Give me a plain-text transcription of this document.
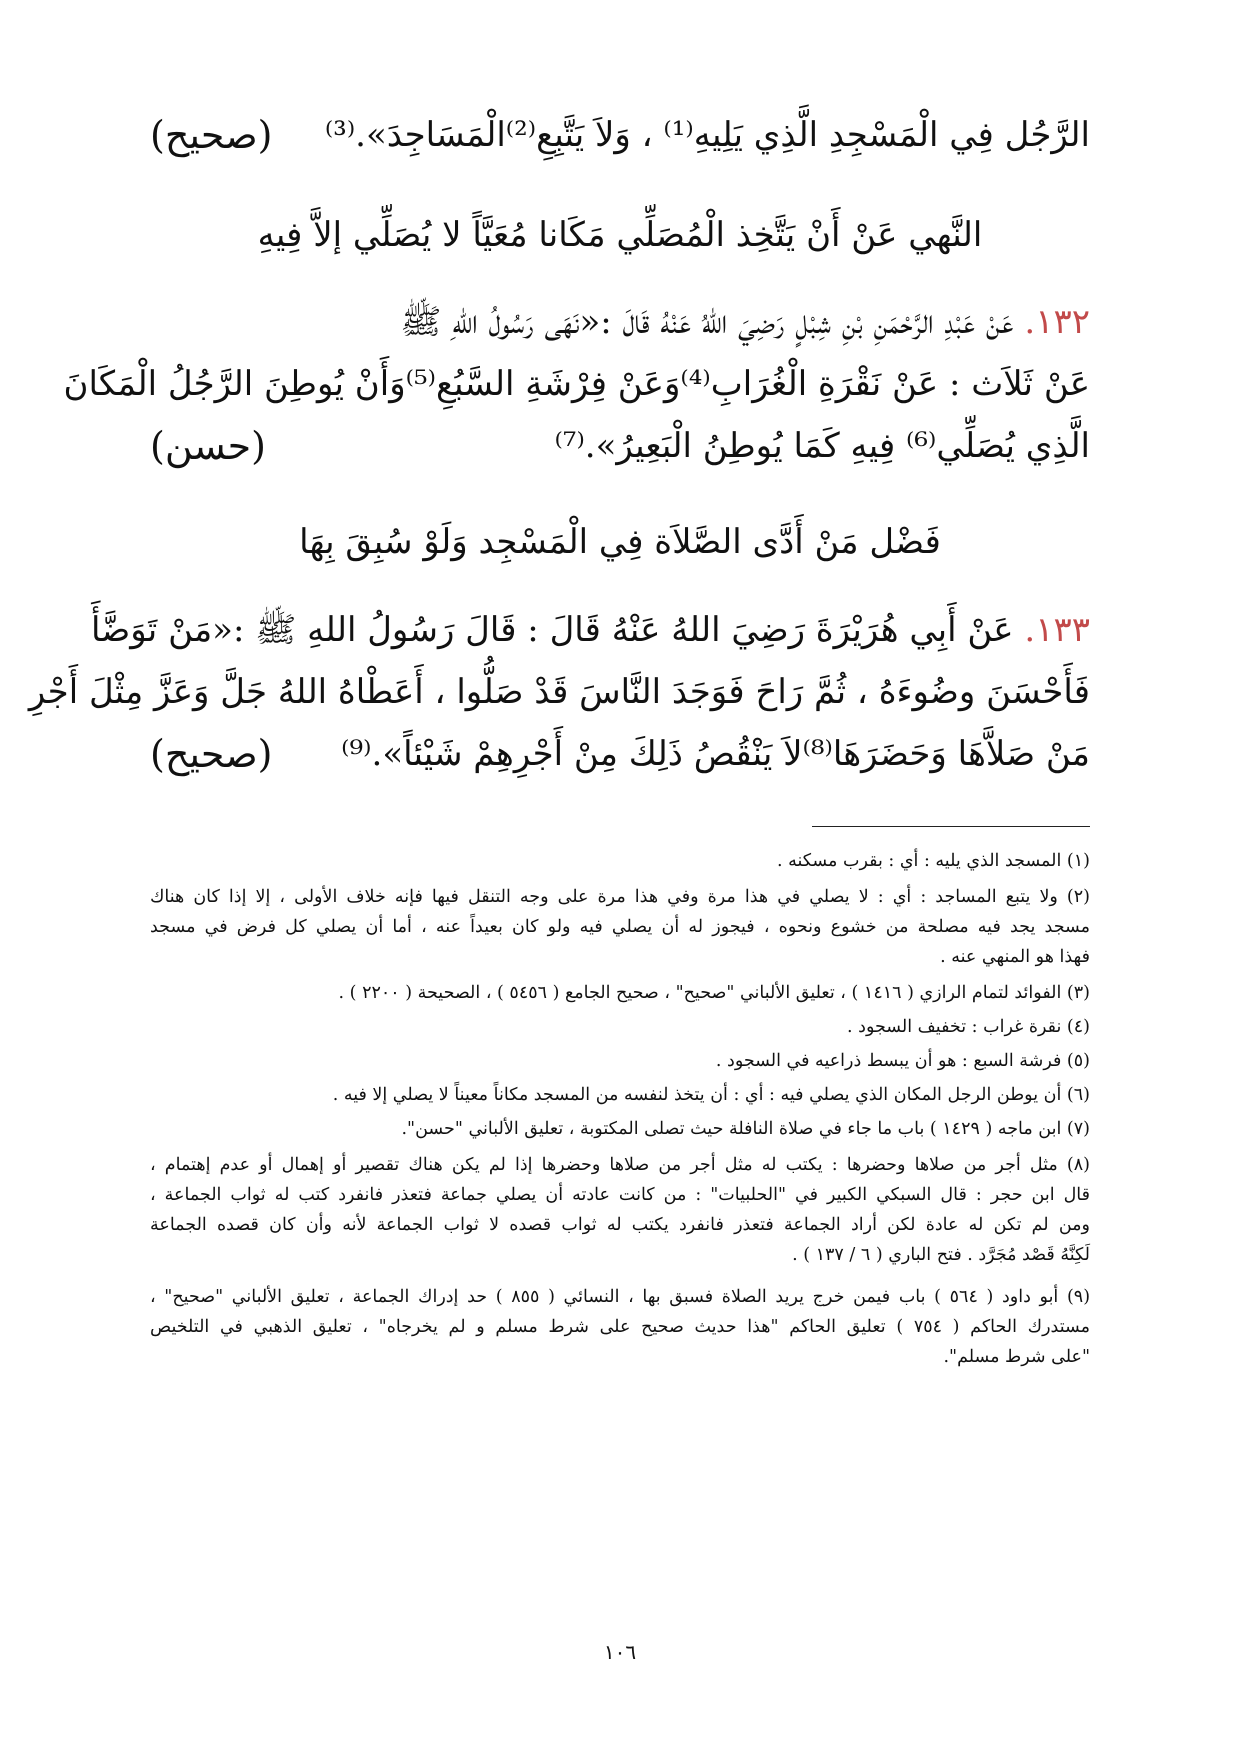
(صحيح) الرَّجُل فِي الْمَسْجِدِ الَّذِي يَلِيهِ⁽¹⁾ ، وَلاَ يَتَّبِعِ⁽²⁾الْمَسَاجِدَ».⁽³⁾
النَّهي عَنْ أَنْ يَتَّخِذ الْمُصَلِّي مَكَانا مُعَيَّاً لا يُصَلِّي إلاَّ فِيهِ
١٣٢. عَنْ عَبْدِ الرَّحْمَنِ بْنِ شِبْلٍ رَضِيَ اللهُ عَنْهُ قَالَ :«نَهَى رَسُولُ اللهِ ﷺ
عَنْ ثَلاَث : عَنْ نَقْرَةِ الْغُرَابِ⁽⁴⁾وَعَنْ فِرْشَةِ السَّبُعِ⁽⁵⁾وَأَنْ يُوطِنَ الرَّجُلُ الْمَكَانَ
(حسن)	الَّذِي يُصَلِّي⁽⁶⁾ فِيهِ كَمَا يُوطِنُ الْبَعِيرُ».⁽⁷⁾
فَضْل مَنْ أَدَّى الصَّلاَة فِي الْمَسْجِد وَلَوْ سُبِقَ بِهَا
١٣٣. عَنْ أَبِي هُرَيْرَةَ رَضِيَ اللهُ عَنْهُ قَالَ : قَالَ رَسُولُ اللهِ ﷺ :«مَنْ تَوَضَّأَ
فَأَحْسَنَ وضُوءَهُ ، ثُمَّ رَاحَ فَوَجَدَ النَّاسَ قَدْ صَلُّوا ، أَعَطْاهُ اللهُ جَلَّ وَعَزَّ مِثْلَ أَجْرِ
(صحيح) مَنْ صَلاَّهَا وَحَضَرَهَا⁽⁸⁾لاَ يَنْقُصُ ذَلِكَ مِنْ أَجْرِهِمْ شَيْئاً».⁽⁹⁾
(١) المسجد الذي يليه : أي : بقرب مسكنه .
(٢) ولا يتبع المساجد : أي : لا يصلي في هذا مرة وفي هذا مرة على وجه التنقل فيها فإنه خلاف الأولى ، إلا إذا كان هناك
مسجد يجد فيه مصلحة من خشوع ونحوه ، فيجوز له أن يصلي فيه ولو كان بعيداً عنه ، أما أن يصلي كل فرض في مسجد
فهذا هو المنهي عنه .
(٣) الفوائد لتمام الرازي ( ١٤١٦ ) ، تعليق الألباني "صحيح" ، صحيح الجامع ( ٥٤٥٦ ) ، الصحيحة ( ٢٢٠٠ ) .
(٤) نقرة غراب : تخفيف السجود .
(٥) فرشة السبع : هو أن يبسط ذراعيه في السجود .
(٦) أن يوطن الرجل المكان الذي يصلي فيه : أي : أن يتخذ لنفسه من المسجد مكاناً معيناً لا يصلي إلا فيه .
(٧) ابن ماجه ( ١٤٢٩ ) باب ما جاء في صلاة النافلة حيث تصلى المكتوبة ، تعليق الألباني "حسن".
(٨) مثل أجر من صلاها وحضرها : يكتب له مثل أجر من صلاها وحضرها إذا لم يكن هناك تقصير أو إهمال أو عدم إهتمام ،
قال ابن حجر : قال السبكي الكبير في "الحلبيات" : من كانت عادته أن يصلي جماعة فتعذر فانفرد كتب له ثواب الجماعة ،
ومن لم تكن له عادة لكن أراد الجماعة فتعذر فانفرد يكتب له ثواب قصده لا ثواب الجماعة لأنه وأن كان قصده الجماعة
لَكِنَّهُ قَصْد مُجَرَّد . فتح الباري ( ٦ / ١٣٧ ) .
(٩) أبو داود ( ٥٦٤ ) باب فيمن خرج يريد الصلاة فسبق بها ، النسائي ( ٨٥٥ ) حد إدراك الجماعة ، تعليق الألباني "صحيح" ،
مستدرك الحاكم ( ٧٥٤ ) تعليق الحاكم "هذا حديث صحيح على شرط مسلم و لم يخرجاه" ، تعليق الذهبي في التلخيص
"على شرط مسلم".
١٠٦
